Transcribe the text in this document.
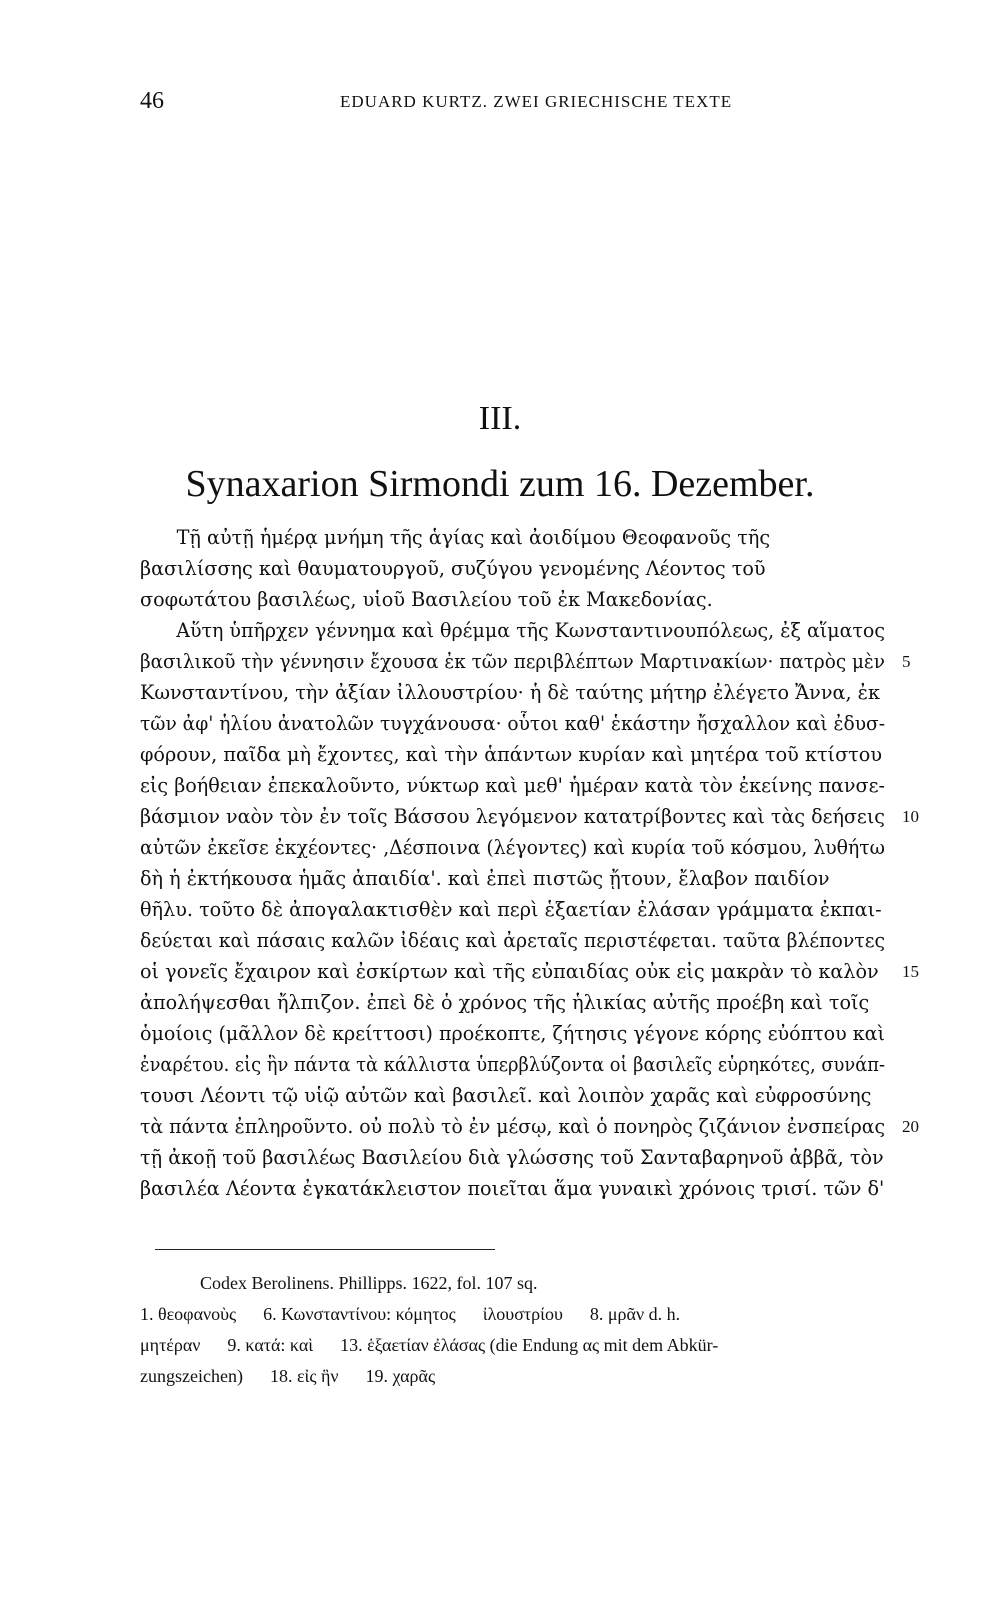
46	EDUARD KURTZ. ZWEI GRIECHISCHE TEXTE
III.
Synaxarion Sirmondi zum 16. Dezember.
Τῇ αὐτῇ ἡμέρᾳ μνήμη τῆς ἁγίας καὶ ἀοιδίμου Θεοφανοῦς τῆς
βασιλίσσης καὶ θαυματουργοῦ, συζύγου γενομένης Λέοντος τοῦ
σοφωτάτου βασιλέως, υἱοῦ Βασιλείου τοῦ ἐκ Μακεδονίας.
Αὕτη ὑπῆρχεν γέννημα καὶ θρέμμα τῆς Κωνσταντινουπόλεως, ἐξ αἵματος
βασιλικοῦ τὴν γέννησιν ἔχουσα ἐκ τῶν περιβλέπτων Μαρτινακίων· πατρὸς μὲν 5
Κωνσταντίνου, τὴν ἀξίαν ἰλλουστρίου· ἡ δὲ ταύτης μήτηρ ἐλέγετο Ἄννα, ἐκ
τῶν ἀφ' ἡλίου ἀνατολῶν τυγχάνουσα· οὗτοι καθ' ἑκάστην ἤσχαλλον καὶ ἐδυσ-
φόρουν, παῖδα μὴ ἔχοντες, καὶ τὴν ἁπάντων κυρίαν καὶ μητέρα τοῦ κτίστου
εἰς βοήθειαν ἐπεκαλοῦντο, νύκτωρ καὶ μεθ' ἡμέραν κατὰ τὸν ἐκείνης πανσε-
βάσμιον ναὸν τὸν ἐν τοῖς Βάσσου λεγόμενον κατατρίβοντες καὶ τὰς δεήσεις 10
αὐτῶν ἐκεῖσε ἐκχέοντες· ‚Δέσποινα (λέγοντες) καὶ κυρία τοῦ κόσμου, λυθήτω
δὴ ἡ ἐκτήκουσα ἡμᾶς ἀπαιδία'. καὶ ἐπεὶ πιστῶς ᾔτουν, ἔλαβον παιδίον
θῆλυ. τοῦτο δὲ ἀπογαλακτισθὲν καὶ περὶ ἑξαετίαν ἐλάσαν γράμματα ἐκπαι-
δεύεται καὶ πάσαις καλῶν ἰδέαις καὶ ἀρεταῖς περιστέφεται. ταῦτα βλέποντες
οἱ γονεῖς ἔχαιρον καὶ ἐσκίρτων καὶ τῆς εὐπαιδίας οὐκ εἰς μακρὰν τὸ καλὸν 15
ἀπολήψεσθαι ἤλπιζον. ἐπεὶ δὲ ὁ χρόνος τῆς ἡλικίας αὐτῆς προέβη καὶ τοῖς
ὁμοίοις (μᾶλλον δὲ κρείττοσι) προέκοπτε, ζήτησις γέγονε κόρης εὐόπτου καὶ
ἐναρέτου. εἰς ἣν πάντα τὰ κάλλιστα ὑπερβλύζοντα οἱ βασιλεῖς εὑρηκότες, συνάπ-
τουσι Λέοντι τῷ υἱῷ αὐτῶν καὶ βασιλεῖ. καὶ λοιπὸν χαρᾶς καὶ εὐφροσύνης
τὰ πάντα ἐπληροῦντο. οὐ πολὺ τὸ ἐν μέσῳ, καὶ ὁ πονηρὸς ζιζάνιον ἐνσπείρας 20
τῇ ἀκοῇ τοῦ βασιλέως Βασιλείου διὰ γλώσσης τοῦ Σανταβαρηνοῦ ἀββᾶ, τὸν
βασιλέα Λέοντα ἐγκατάκλειστον ποιεῖται ἅμα γυναικὶ χρόνοις τρισί. τῶν δ'
Codex Berolinens. Phillipps. 1622, fol. 107 sq.
1. θεοφανοὺς      6. Κωνσταντίνου: κόμητος      ἰλουστρίου      8. μρᾶν d. h.
μητέραν      9. κατά: καὶ      13. ἑξαετίαν ἐλάσας (die Endung ας mit dem Abkür-
zungszeichen)      18. εἰς ἣν      19. χαρᾶς
